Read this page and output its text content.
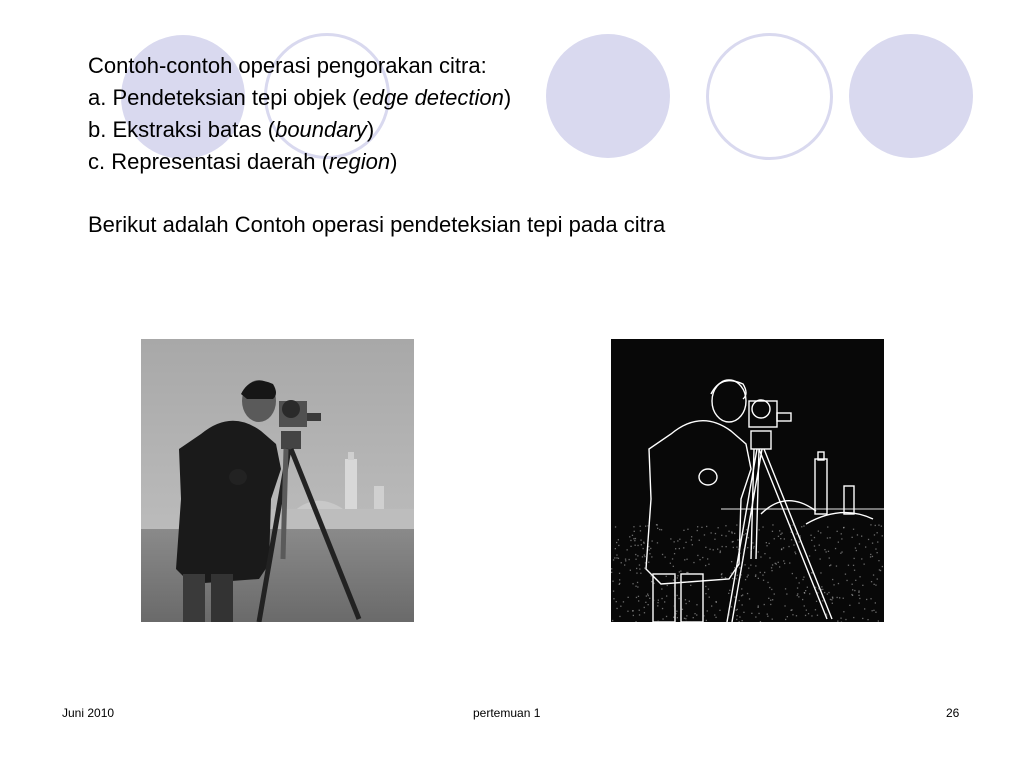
Contoh-contoh operasi pengorakan citra:
a. Pendeteksian tepi objek (edge detection)
b. Ekstraksi batas (boundary)
c. Representasi daerah (region)
Berikut adalah Contoh operasi pendeteksian tepi pada citra
Juni 2010	pertemuan 1	26
